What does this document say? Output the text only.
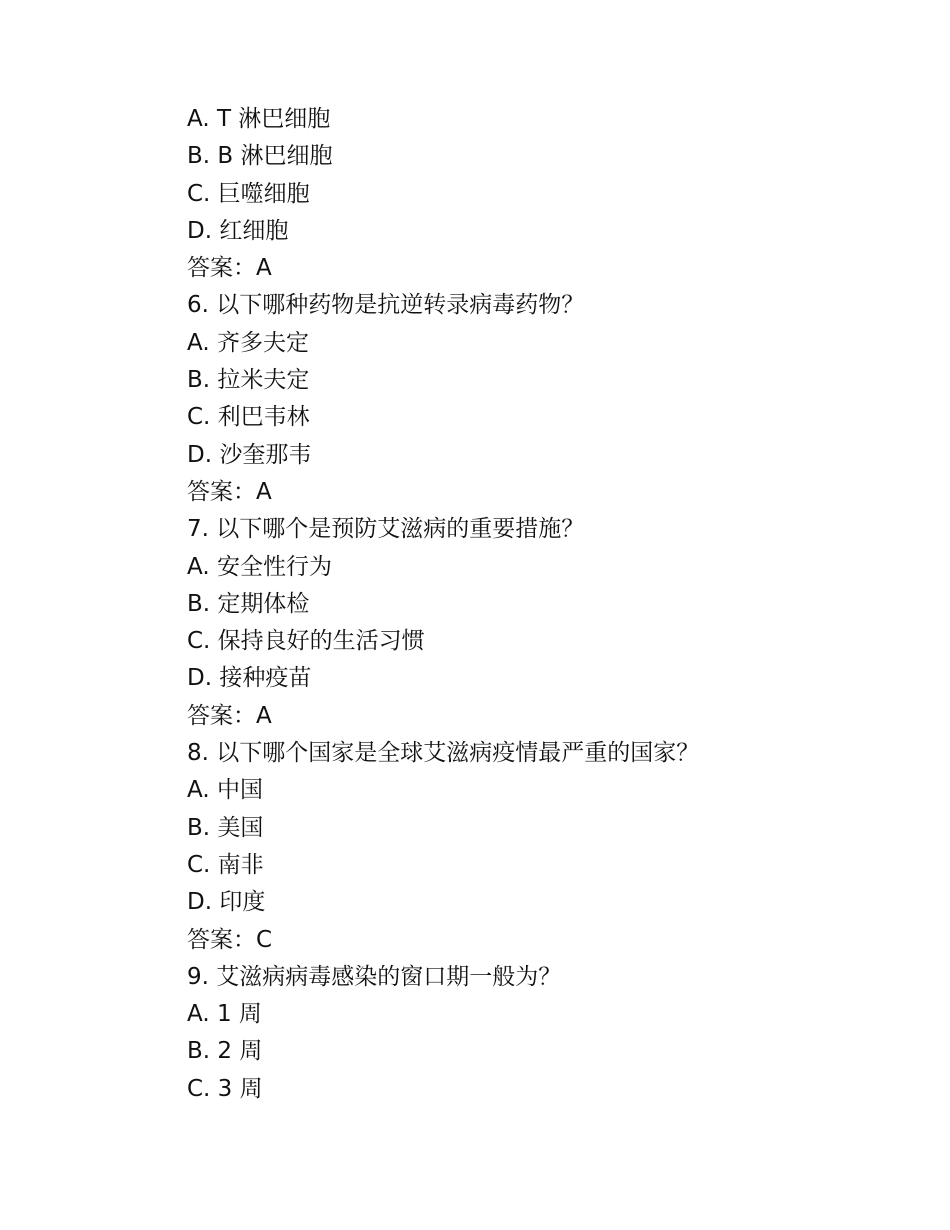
A. T 淋巴细胞

B. B 淋巴细胞

C. 巨噬细胞

D. 红细胞

答案：A

6. 以下哪种药物是抗逆转录病毒药物？

A. 齐多夫定

B. 拉米夫定

C. 利巴韦林

D. 沙奎那韦

答案：A

7. 以下哪个是预防艾滋病的重要措施？

A. 安全性行为

B. 定期体检

C. 保持良好的生活习惯

D. 接种疫苗

答案：A

8. 以下哪个国家是全球艾滋病疫情最严重的国家？

A. 中国

B. 美国

C. 南非

D. 印度

答案：C

9. 艾滋病病毒感染的窗口期一般为？

A. 1 周

B. 2 周

C. 3 周
